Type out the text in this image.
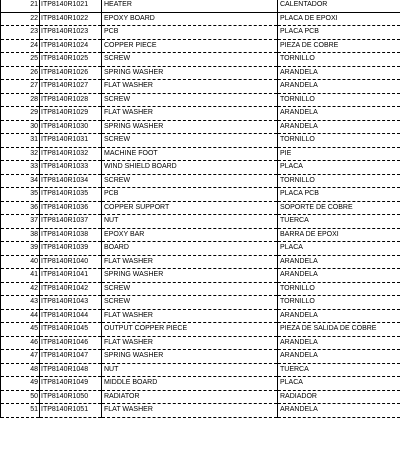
21	ITP8140R1021	HEATER	CALENTADOR
22	ITP8140R1022	EPOXY BOARD	PLACA DE EPOXI
23	ITP8140R1023	PCB	PLACA PCB
24	ITP8140R1024	COPPER PIECE	PIEZA DE COBRE
25	ITP8140R1025	SCREW	TORNILLO
26	ITP8140R1026	SPRING WASHER	ARANDELA
27	ITP8140R1027	FLAT WASHER	ARANDELA
28	ITP8140R1028	SCREW	TORNILLO
29	ITP8140R1029	FLAT WASHER	ARANDELA
30	ITP8140R1030	SPRING WASHER	ARANDELA
31	ITP8140R1031	SCREW	TORNILLO
32	ITP8140R1032	MACHINE FOOT	PIE
33	ITP8140R1033	WIND SHIELD BOARD	PLACA
34	ITP8140R1034	SCREW	TORNILLO
35	ITP8140R1035	PCB	PLACA PCB
36	ITP8140R1036	COPPER SUPPORT	SOPORTE DE COBRE
37	ITP8140R1037	NUT	TUERCA
38	ITP8140R1038	EPOXY BAR	BARRA DE EPOXI
39	ITP8140R1039	BOARD	PLACA
40	ITP8140R1040	FLAT WASHER	ARANDELA
41	ITP8140R1041	SPRING WASHER	ARANDELA
42	ITP8140R1042	SCREW	TORNILLO
43	ITP8140R1043	SCREW	TORNILLO
44	ITP8140R1044	FLAT WASHER	ARANDELA
45	ITP8140R1045	OUTPUT COPPER PIECE	PIEZA DE SALIDA DE COBRE
46	ITP8140R1046	FLAT WASHER	ARANDELA
47	ITP8140R1047	SPRING WASHER	ARANDELA
48	ITP8140R1048	NUT	TUERCA
49	ITP8140R1049	MIDDLE BOARD	PLACA
50	ITP8140R1050	RADIATOR	RADIADOR
51	ITP8140R1051	FLAT WASHER	ARANDELA
